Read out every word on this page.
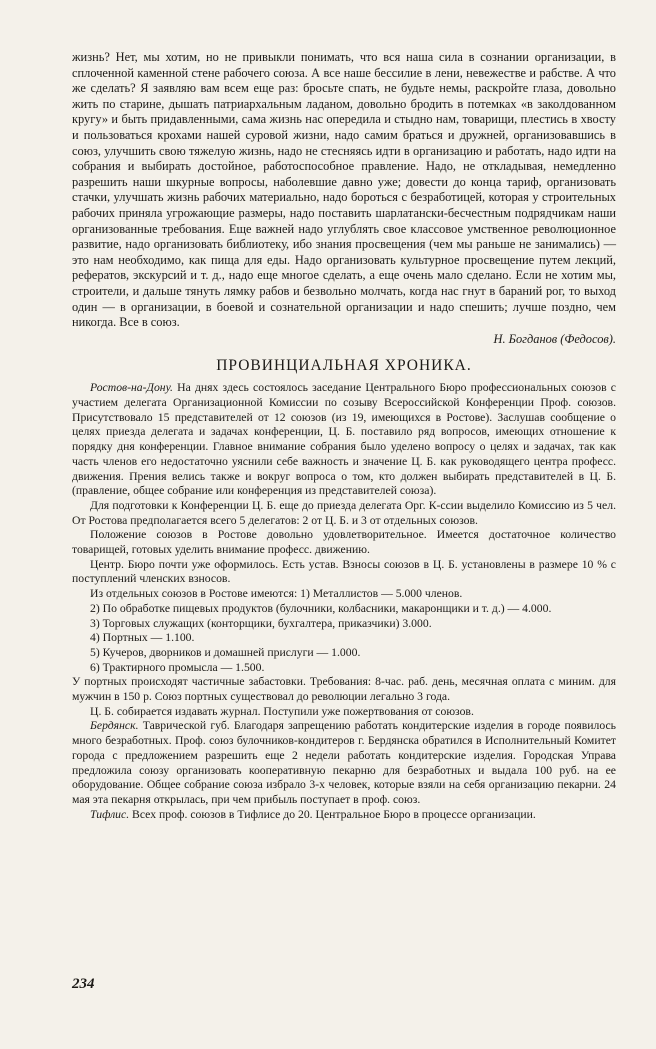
жизнь? Нет, мы хотим, но не привыкли понимать, что вся наша сила в сознании организации, в сплоченной каменной стене рабочего союза. А все наше бессилие в лени, невежестве и рабстве. А что же сделать? Я заявляю вам всем еще раз: бросьте спать, не будьте немы, раскройте глаза, довольно жить по старине, дышать патриархальным ладаном, довольно бродить в потемках «в заколдованном кругу» и быть придавленными, сама жизнь нас опередила и стыдно нам, товарищи, плестись в хвосту и пользоваться крохами нашей суровой жизни, надо самим браться и дружней, организовавшись в союз, улучшить свою тяжелую жизнь, надо не стесняясь идти в организацию и работать, надо идти на собрания и выбирать достойное, работоспособное правление. Надо, не откладывая, немедленно разрешить наши шкурные вопросы, наболевшие давно уже; довести до конца тариф, организовать стачки, улучшать жизнь рабочих материально, надо бороться с безработицей, которая у строительных рабочих приняла угрожающие размеры, надо поставить шарлатански-бесчестным подрядчикам наши организованные требования. Еще важней надо углублять свое классовое умственное революционное развитие, надо организовать библиотеку, ибо знания просвещения (чем мы раньше не занимались) — это нам необходимо, как пища для еды. Надо организовать культурное просвещение путем лекций, рефератов, экскурсий и т. д., надо еще многое сделать, а еще очень мало сделано. Если не хотим мы, строители, и дальше тянуть лямку рабов и безвольно молчать, когда нас гнут в бараний рог, то выход один — в организации, в боевой и сознательной организации и надо спешить; лучше поздно, чем никогда. Все в союз.

Н. Богданов (Федосов).

ПРОВИНЦИАЛЬНАЯ ХРОНИКА.

Ростов-на-Дону. На днях здесь состоялось заседание Центрального Бюро профессиональных союзов с участием делегата Организационной Комиссии по созыву Всероссийской Конференции Проф. союзов. Присутствовало 15 представителей от 12 союзов (из 19, имеющихся в Ростове). Заслушав сообщение о целях приезда делегата и задачах конференции, Ц. Б. поставило ряд вопросов, имеющих отношение к порядку дня конференции. Главное внимание собрания было уделено вопросу о целях и задачах, так как часть членов его недостаточно уяснили себе важность и значение Ц. Б. как руководящего центра професс. движения. Прения велись также и вокруг вопроса о том, кто должен выбирать представителей в Ц. Б. (правление, общее собрание или конференция из представителей союза).

Для подготовки к Конференции Ц. Б. еще до приезда делегата Орг. К-ссии выделило Комиссию из 5 чел. От Ростова предполагается всего 5 делегатов: 2 от Ц. Б. и 3 от отдельных союзов.

Положение союзов в Ростове довольно удовлетворительное. Имеется достаточное количество товарищей, готовых уделить внимание професс. движению.

Центр. Бюро почти уже оформилось. Есть устав. Взносы союзов в Ц. Б. установлены в размере 10 % с поступлений членских взносов.

Из отдельных союзов в Ростове имеются: 1) Металлистов — 5.000 членов.

2) По обработке пищевых продуктов (булочники, колбасники, макаронщики и т. д.) — 4.000.
3) Торговых служащих (конторщики, бухгалтера, приказчики) 3.000.
4) Портных — 1.100.
5) Кучеров, дворников и домашней прислуги — 1.000.
6) Трактирного промысла — 1.500.

У портных происходят частичные забастовки. Требования: 8-час. раб. день, месячная оплата с миним. для мужчин в 150 р. Союз портных существовал до революции легально 3 года.

Ц. Б. собирается издавать журнал. Поступили уже пожертвования от союзов.

Бердянск. Таврической губ. Благодаря запрещению работать кондитерские изделия в городе появилось много безработных. Проф. союз булочников-кондитеров г. Бердянска обратился в Исполнительный Комитет города с предложением разрешить еще 2 недели работать кондитерские изделия. Городская Управа предложила союзу организовать кооперативную пекарню для безработных и выдала 100 руб. на ее оборудование. Общее собрание союза избрало 3-х человек, которые взяли на себя организацию пекарни. 24 мая эта пекарня открылась, при чем прибыль поступает в проф. союз.

Тифлис. Всех проф. союзов в Тифлисе до 20. Центральное Бюро в процессе организации.

234
